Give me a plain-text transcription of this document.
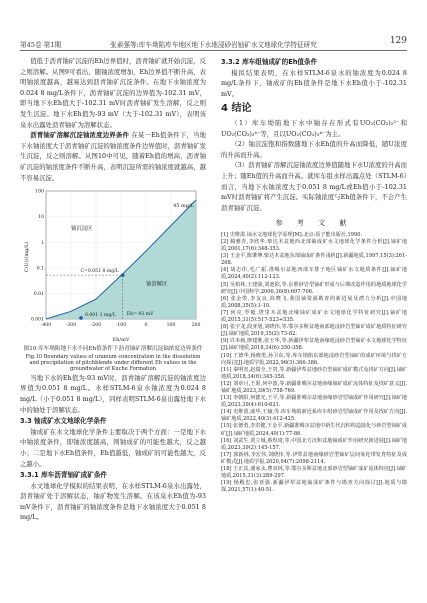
第45卷 第1期	张素强等:库车坳陷库车地区地下水地浸砂岩铀矿水文地球化学特征研究	129

值低于沥青铀矿沉淀的Eh边界值时，沥青铀矿就开始沉淀，反之则溶解。从图9可看出，随铀浓度增加，Eh边界值不断升高，表明铀浓度越高，越易达到沥青铀矿沉淀条件。在地下水铀浓度为0.024 8 mg/L条件下，沥青铀矿沉淀的边界值为-102.31 mV，即当地下水Eh值大于-102.31 mV时沥青铀矿发生溶解，反之则发生沉淀。地下水Eh值为-93 mV（大于-102.31 mV），表明该泉水出露处沥青铀矿为溶解状态。

沥青铀矿溶解沉淀铀浓度边界条件 在某一Eh值条件下，当地下水铀浓度大于沥青铀矿沉淀的铀浓度条件边界值时，沥青铀矿发生沉淀，反之则溶解。从图10中可见，随着Eh值的增高，沥青铀矿沉淀的铀浓度条件不断升高，表明沉淀所需的铀浓度就越高，越不容易沉淀。

-400	-300	-200	-100	0	100	200
0.001
0.01
0.1
1
10
100
45 mg/L
铀沉淀区
铀溶解区
C=0.051 8 mg/L
Eh=-93 mV
0.001 1 mg/L
C(U)/(mg/L)
Eh/mV

图10 库车坳陷地下水不同Eh值条件下沥青铀矿溶解沉淀铀浓度边界条件

Fig.10 Boundary values of uranium concentration in the dissolution and precipitation of pitchblende under different Eh values in the groundwater of Kuche Formation

当地下水的Eh值为-93 mV时，沥青铀矿溶解沉淀的铀浓度边界值为0.051 8 mg/L。水样STLM-6泉水铀浓度为0.024 8 mg/L（小于0.051 8 mg/L），同样表明STLM-6泉出露处地下水中的铀处于溶解状态。

3.3 铀成矿水文地球化学条件

铀成矿在水文地球化学条件主要取决于两个方面：一是地下水中铀浓度条件，即铀浓度越高，则铀成矿的可能性越大，反之越小；二是地下水Eh值条件，Eh值越低，铀成矿的可能性越大，反之越小。

3.3.1 库车沥青铀矿成矿条件

水文地球化学模拟的结果表明，在水样STLM-6泉水出露处，沥青铀矿处于溶解状态，铀矿物发生溶解。在该泉水Eh值为-93 mV条件下，沥青铀矿的铀浓度条件是地下水铀浓度大于0.051 8 mg/L。

3.3.2 库车组铀成矿的Eh值条件

模拟结果表明，在水样STLM-6泉水的铀浓度为0.024 8 mg/L条件下，铀成矿的Eh值条件是地下水Eh值小于-102.31 mV。

4 结论

（1）库车坳陷地下水中铀存在形式有UO₂(CO₃)₂²⁻和UO₂(CO₃)₃⁴⁻等，且以UO₂(CO₃)₃⁴⁻为主。

（2）铀沉淀饱和指数随地下水Eh值的升高而降低，随U浓度的升高而升高。

（3）沥青铀矿溶解沉淀铀浓度边界值随地下水U浓度的升高而上升；随Eh值的升高而升高。就库车组水样出露点处（STLM-6）而言，当地下水铀浓度大于0.051 8 mg/L或Eh值小于-102.31 mV时沥青铀矿将产生沉淀。实际铀浓度与Eh值条件下，不会产生沥青铀矿沉淀。

参 考 文 献

[1] 史维浚.铀水文地球化学原理[M].北京:原子能出版社,1990.

[2] 腾雅青,李欣华.柴达木盆地西北部铀成矿水文地球化学条件分析[J].铀矿地质,2001,17(6):348-353.

[3] 王金平,陈肇博.柴达木盆地东部铀成矿条件浅析[J].新疆地质,1997,15(3):261-268.

[4] 胡志伟,毛广振.准噶尔盆地西部车排子地区铀矿水文地质条件[J].铀矿地质,2024,40(2):112-123.

[5] 吴柏林,王建强,刘池阳,等.东胜砂岩型铀矿形成与后期改造作用的地质地球化学研究[J].中国科学,2006,36(8):697-706.

[6] 张金带,李友良,简晓飞.我国铀资源勘查的新进展及潜力分析[J].中国地质,2008,35(5):1-10.

[7] 何亮,罗毅.塔里木盆地北缘铀矿成矿水文地球化学特征研究[J].铀矿地质,2015,31(5):517-523+535.

[8] 张宇龙,段亚旭,刘晓伟,等.鄂尔多斯盆地南部地浸砂岩型铀矿成矿地质特征研究[J].铀矿地质,2019,35(2):73-82.

[9] 许本载,廖建胜,张玉华,等.新疆伊犁盆地南缘地浸砂岩型铀矿水文地球化学特征[J].铀矿地质,2018,34(6):350-358.

[10] 王德华,杨晓勇,孙卫东,等.库车坳陷东部地浸砂岩型铀矿的成矿环境与找矿方向探讨[J].地质学报,2022,96(3):366-386.

[11] 秦明宽,赵瑞全,王贵,等.新疆伊犁盆地砂岩型铀矿成矿模式及找矿方向[J].铀矿地质,2018,34(6):345-358.

[12] 刘章月,王果,何中波,等.新疆准噶尔盆地南缘铀矿成矿流体特征及找矿意义[J].铀矿地质,2023,39(5):758-769.

[13] 李朝阳,何德光,王平,等.新疆准噶尔盆地南缘砂岩型铀成矿作用研究[J].铀矿地质,2023,39(4):610-621.

[14] 史维浚,戚华,王瑜,等.库车坳陷新近系库车组砂岩型铀成矿作用及找矿方向[J].铀矿地质,2022,40(3):412-425.

[15] 张德勇,李洪健,王金平.新疆准噶尔盆地中新生代沉积构造演化与砂岩型铀矿成矿[J].铀矿地质,2024,40(1):77-86.

[16] 刘武生,贾立城,蔡煜琦,等.中国北方沉积盆地铀成矿作用研究新进展[J].铀矿地质,2023,39(2):145-157.

[17] 郭新林,李宏伟,刘晓伟,等.伊犁盆地南缘砂岩型铀矿层间氧化带发育特征及成矿模式[J].地质学报,2020,94(7):2098-2114.

[18] 王正其,潘家永,曹双林,等.鄂尔多斯盆地北部砂岩型铀矿成矿流体特征[J].铀矿地质,2015,31(3):289-297.

[19] 杨殿忠,张亚强.新疆伊犁盆地铀成矿条件与勘查方向探讨[J].地质与勘探,2021,57(1):40-51.
